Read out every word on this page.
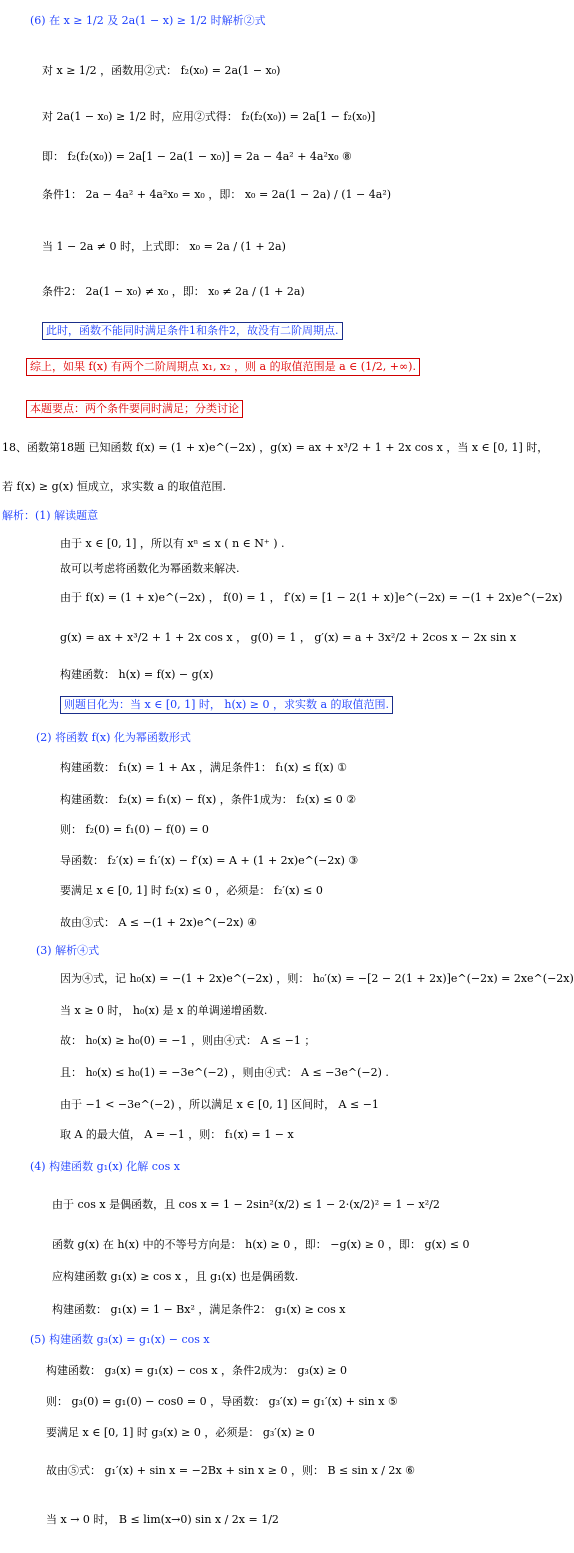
(6) 在 x ≥ 1/2 及 2a(1 − x) ≥ 1/2 时解析②式
对 x ≥ 1/2 ，函数用②式： f₂(x₀) = 2a(1 − x₀)
对 2a(1 − x₀) ≥ 1/2 时，应用②式得： f₂(f₂(x₀)) = 2a[1 − f₂(x₀)]
即： f₂(f₂(x₀)) = 2a[1 − 2a(1 − x₀)] = 2a − 4a² + 4a²x₀ ⑧
条件1： 2a − 4a² + 4a²x₀ = x₀ ，即： x₀ = 2a(1 − 2a) / (1 − 4a²)
当 1 − 2a ≠ 0 时，上式即： x₀ = 2a / (1 + 2a)
条件2： 2a(1 − x₀) ≠ x₀ ，即： x₀ ≠ 2a / (1 + 2a)
此时，函数不能同时满足条件1和条件2，故没有二阶周期点.
综上，如果 f(x) 有两个二阶周期点 x₁, x₂ ，则 a 的取值范围是 a ∈ (1/2, +∞).
本题要点：两个条件要同时满足；分类讨论
18、函数第18题 已知函数 f(x) = (1 + x)e^(−2x) ，g(x) = ax + x³/2 + 1 + 2x cos x ，当 x ∈ [0, 1] 时，
若 f(x) ≥ g(x) 恒成立，求实数 a 的取值范围.
解析：(1) 解读题意
由于 x ∈ [0, 1] ，所以有 xⁿ ≤ x ( n ∈ N⁺ ) .
故可以考虑将函数化为幂函数来解决.
由于 f(x) = (1 + x)e^(−2x) ， f(0) = 1 ， f′(x) = [1 − 2(1 + x)]e^(−2x) = −(1 + 2x)e^(−2x)
g(x) = ax + x³/2 + 1 + 2x cos x ， g(0) = 1 ， g′(x) = a + 3x²/2 + 2cos x − 2x sin x
构建函数： h(x) = f(x) − g(x)
则题目化为：当 x ∈ [0, 1] 时， h(x) ≥ 0 ，求实数 a 的取值范围.
(2) 将函数 f(x) 化为幂函数形式
构建函数： f₁(x) = 1 + Ax ，满足条件1： f₁(x) ≤ f(x) ①
构建函数： f₂(x) = f₁(x) − f(x) ，条件1成为： f₂(x) ≤ 0 ②
则： f₂(0) = f₁(0) − f(0) = 0
导函数： f₂′(x) = f₁′(x) − f′(x) = A + (1 + 2x)e^(−2x) ③
要满足 x ∈ [0, 1] 时 f₂(x) ≤ 0 ，必须是： f₂′(x) ≤ 0
故由③式： A ≤ −(1 + 2x)e^(−2x) ④
(3) 解析④式
因为④式，记 h₀(x) = −(1 + 2x)e^(−2x) ，则： h₀′(x) = −[2 − 2(1 + 2x)]e^(−2x) = 2xe^(−2x)
当 x ≥ 0 时， h₀(x) 是 x 的单调递增函数.
故： h₀(x) ≥ h₀(0) = −1 ，则由④式： A ≤ −1 ；
且： h₀(x) ≤ h₀(1) = −3e^(−2) ，则由④式： A ≤ −3e^(−2) .
由于 −1 < −3e^(−2) ，所以满足 x ∈ [0, 1] 区间时， A ≤ −1
取 A 的最大值， A = −1 ，则： f₁(x) = 1 − x
(4) 构建函数 g₁(x) 化解 cos x
由于 cos x 是偶函数，且 cos x = 1 − 2sin²(x/2) ≤ 1 − 2·(x/2)² = 1 − x²/2
函数 g(x) 在 h(x) 中的不等号方向是： h(x) ≥ 0 ，即： −g(x) ≥ 0 ，即： g(x) ≤ 0
应构建函数 g₁(x) ≥ cos x ，且 g₁(x) 也是偶函数.
构建函数： g₁(x) = 1 − Bx² ，满足条件2： g₁(x) ≥ cos x
(5) 构建函数 g₃(x) = g₁(x) − cos x
构建函数： g₃(x) = g₁(x) − cos x ，条件2成为： g₃(x) ≥ 0
则： g₃(0) = g₁(0) − cos0 = 0 ，导函数： g₃′(x) = g₁′(x) + sin x ⑤
要满足 x ∈ [0, 1] 时 g₃(x) ≥ 0 ，必须是： g₃′(x) ≥ 0
故由⑤式： g₁′(x) + sin x = −2Bx + sin x ≥ 0 ，则： B ≤ sin x / 2x ⑥
当 x → 0 时， B ≤ lim(x→0) sin x / 2x = 1/2
